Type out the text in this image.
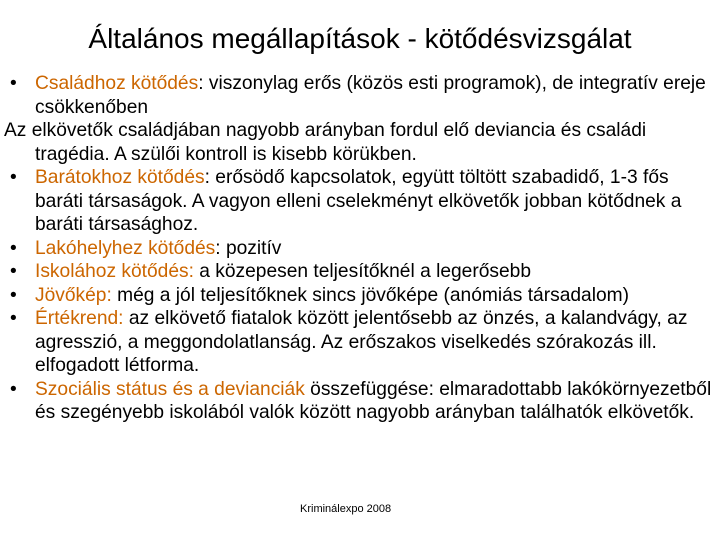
Általános megállapítások - kötődésvizsgálat
• Családhoz kötődés: viszonylag erős (közös esti programok), de integratív ereje csökkenőben
Az elkövetők családjában nagyobb arányban fordul elő deviancia és családi tragédia. A szülői kontroll is kisebb körükben.
• Barátokhoz kötődés: erősödő kapcsolatok, együtt töltött szabadidő, 1-3 fős baráti társaságok. A vagyon elleni cselekményt elkövetők jobban kötődnek a baráti társasághoz.
• Lakóhelyhez kötődés: pozitív
• Iskolához kötődés: a közepesen teljesítőknél a legerősebb
• Jövőkép: még a jól teljesítőknek sincs jövőképe (anómiás társadalom)
• Értékrend: az elkövető fiatalok között jelentősebb az önzés, a kalandvágy, az agresszió, a meggondolatlanság. Az erőszakos viselkedés szórakozás ill. elfogadott létforma.
• Szociális státus és a devianciák összefüggése: elmaradottabb lakókörnyezetből és szegényebb iskolából valók között nagyobb arányban találhatók elkövetők.
Kriminálexpo 2008
